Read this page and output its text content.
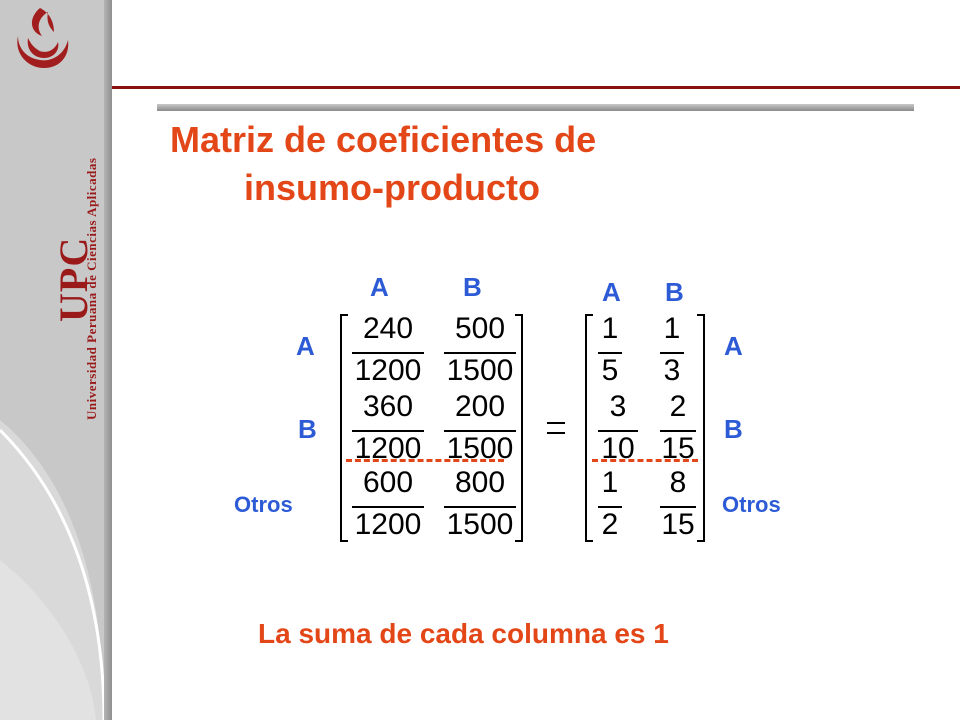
UPC
Universidad Peruana de Ciencias Aplicadas
Matriz de coeficientes de
insumo-producto
A	B	A B
A
B
Otros
A
B
Otros
240
1200
500
1500
360
1200
200
1500
600
1200
800
1500
1
5
1
3
3
10
2
15
1
2
8
15
La suma de cada columna es 1
